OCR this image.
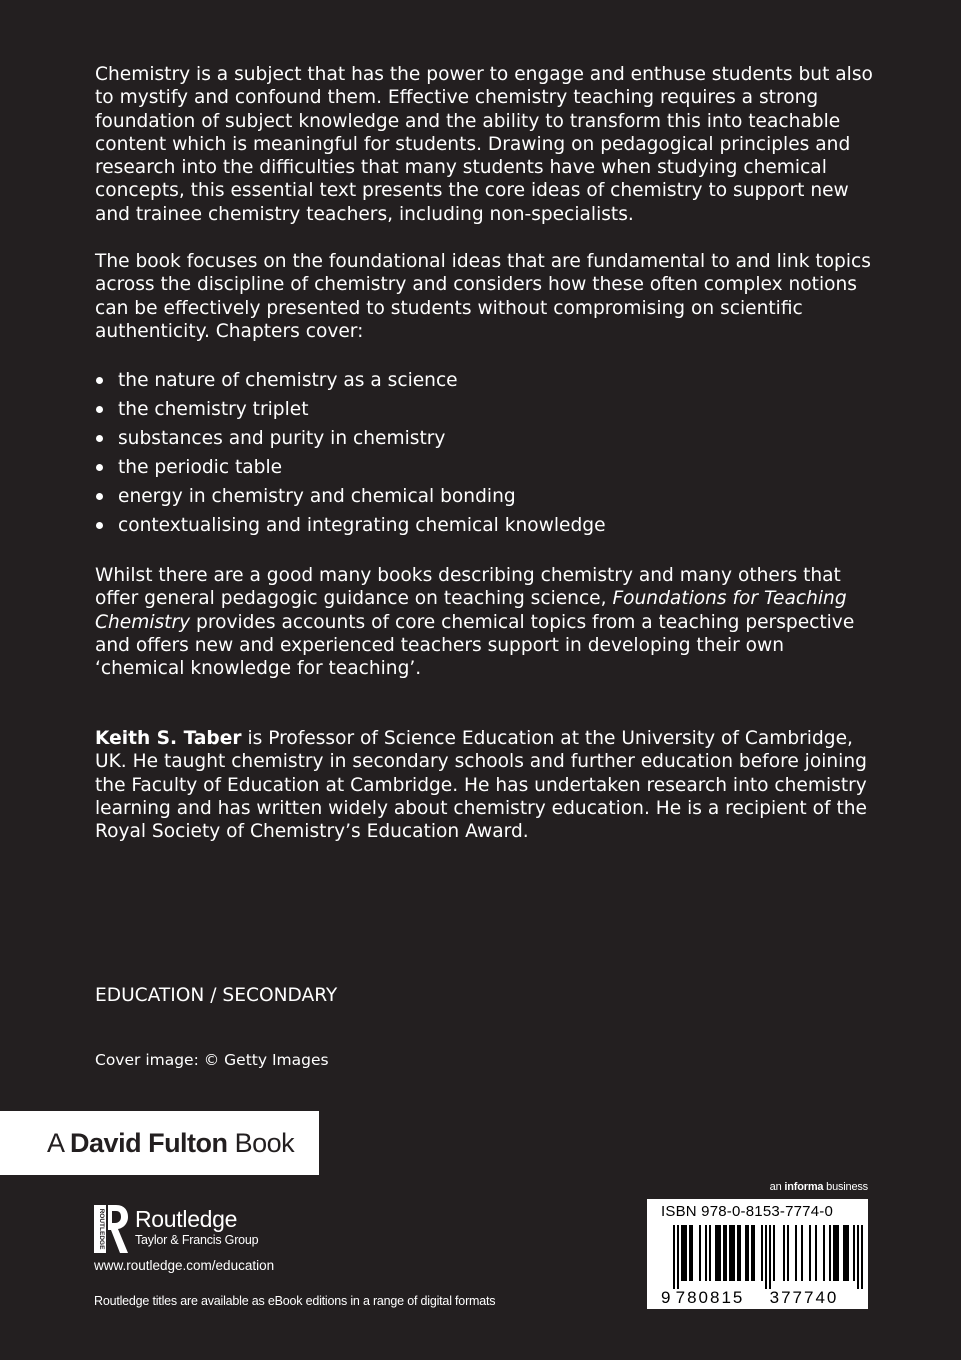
Chemistry is a subject that has the power to engage and enthuse students but also to mystify and confound them. Effective chemistry teaching requires a strong foundation of subject knowledge and the ability to transform this into teachable content which is meaningful for students. Drawing on pedagogical principles and research into the difficulties that many students have when studying chemical concepts, this essential text presents the core ideas of chemistry to support new and trainee chemistry teachers, including non-specialists.

The book focuses on the foundational ideas that are fundamental to and link topics across the discipline of chemistry and considers how these often complex notions can be effectively presented to students without compromising on scientific authenticity. Chapters cover:

the nature of chemistry as a science
the chemistry triplet
substances and purity in chemistry
the periodic table
energy in chemistry and chemical bonding
contextualising and integrating chemical knowledge

Whilst there are a good many books describing chemistry and many others that offer general pedagogic guidance on teaching science, Foundations for Teaching Chemistry provides accounts of core chemical topics from a teaching perspective and offers new and experienced teachers support in developing their own ‘chemical knowledge for teaching’.

Keith S. Taber is Professor of Science Education at the University of Cambridge, UK. He taught chemistry in secondary schools and further education before joining the Faculty of Education at Cambridge. He has undertaken research into chemistry learning and has written widely about chemistry education. He is a recipient of the Royal Society of Chemistry’s Education Award.

EDUCATION / SECONDARY

Cover image: © Getty Images

A David Fulton Book
ROUTLEDGE Routledge
Taylor & Francis Group
www.routledge.com/education
Routledge titles are available as eBook editions in a range of digital formats
an informa business
ISBN 978-0-8153-7774-0
9 780815 377740
